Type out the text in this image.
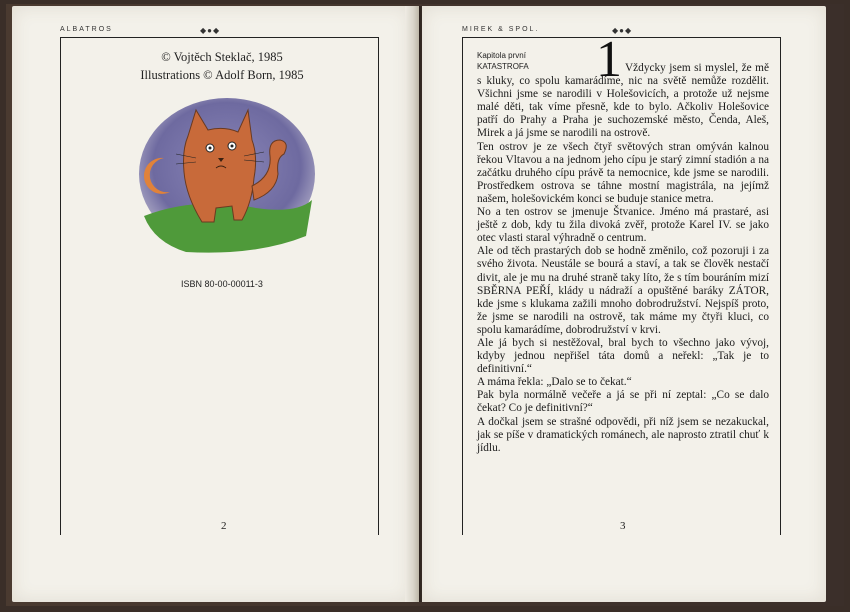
ALBATROS	◆●◆
© Vojtěch Steklač, 1985
Illustrations © Adolf Born, 1985
ISBN 80-00-00011-3
2
MIREK & SPOL.	◆●◆
Kapitola první
KATASTROFA 1 Vždycky jsem si myslel, že mě s kluky, co spolu kamarádíme, nic na světě nemůže rozdělit. Všichni jsme se narodili v Holešovicích, a protože už nejsme malé děti, tak víme přesně, kde to bylo. Ačkoliv Holešovice patří do Prahy a Praha je suchozemské město, Čenda, Aleš, Mirek a já jsme se narodili na ostrově.

Ten ostrov je ze všech čtyř světových stran omýván kalnou řekou Vltavou a na jednom jeho cípu je starý zimní stadión a na začátku druhého cípu právě ta nemocnice, kde jsme se narodili. Prostředkem ostrova se táhne mostní magistrála, na jejímž našem, holešovickém konci se buduje stanice metra.

No a ten ostrov se jmenuje Štvanice. Jméno má prastaré, asi ještě z dob, kdy tu žila divoká zvěř, protože Karel IV. se jako otec vlasti staral výhradně o centrum.

Ale od těch prastarých dob se hodně změnilo, což pozoruji i za svého života. Neustále se bourá a staví, a tak se člověk nestačí divit, ale je mu na druhé straně taky líto, že s tím bouráním mizí SBĚRNA PEŘÍ, klády u nádraží a opuštěné baráky ZÁTOR, kde jsme s klukama zažili mnoho dobrodružství. Nejspíš proto, že jsme se narodili na ostrově, tak máme my čtyři kluci, co spolu kamarádíme, dobrodružství v krvi.

Ale já bych si nestěžoval, bral bych to všechno jako vývoj, kdyby jednou nepřišel táta domů a neřekl: „Tak je to definitivní.“

A máma řekla: „Dalo se to čekat.“

Pak byla normálně večeře a já se při ní zeptal: „Co se dalo čekat? Co je definitivní?“

A dočkal jsem se strašné odpovědi, při níž jsem se nezakuckal, jak se píše v dramatických románech, ale naprosto ztratil chuť k jídlu.

3
